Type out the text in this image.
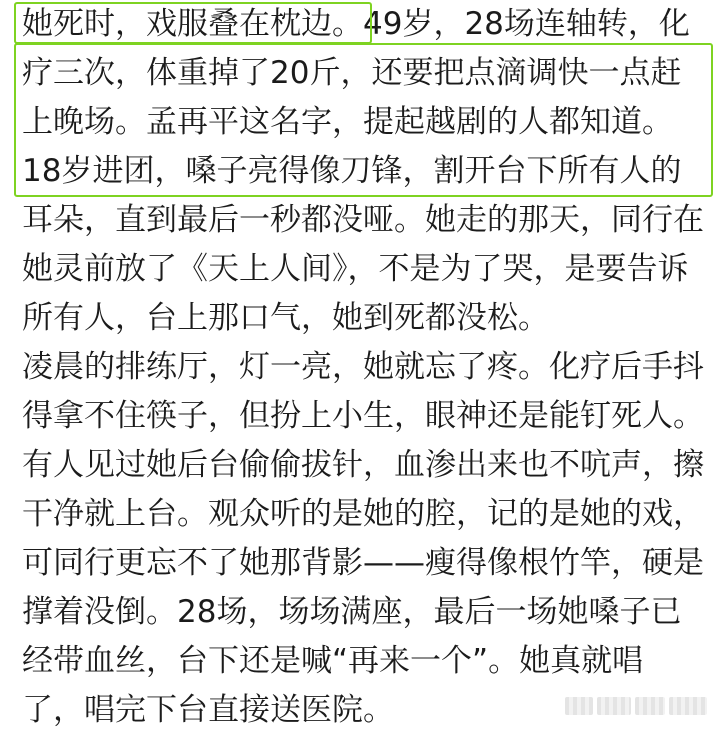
她死时，戏服叠在枕边。49岁，28场连轴转，化
疗三次，体重掉了20斤，还要把点滴调快一点赶
上晚场。孟再平这名字，提起越剧的人都知道。
18岁进团，嗓子亮得像刀锋，割开台下所有人的
耳朵，直到最后一秒都没哑。她走的那天，同行在
她灵前放了《天上人间》，不是为了哭，是要告诉
所有人，台上那口气，她到死都没松。
凌晨的排练厅，灯一亮，她就忘了疼。化疗后手抖
得拿不住筷子，但扮上小生，眼神还是能钉死人。
有人见过她后台偷偷拔针，血渗出来也不吭声，擦
干净就上台。观众听的是她的腔，记的是她的戏，
可同行更忘不了她那背影——瘦得像根竹竿，硬是
撑着没倒。28场，场场满座，最后一场她嗓子已
经带血丝，台下还是喊“再来一个”。她真就唱
了，唱完下台直接送医院。
